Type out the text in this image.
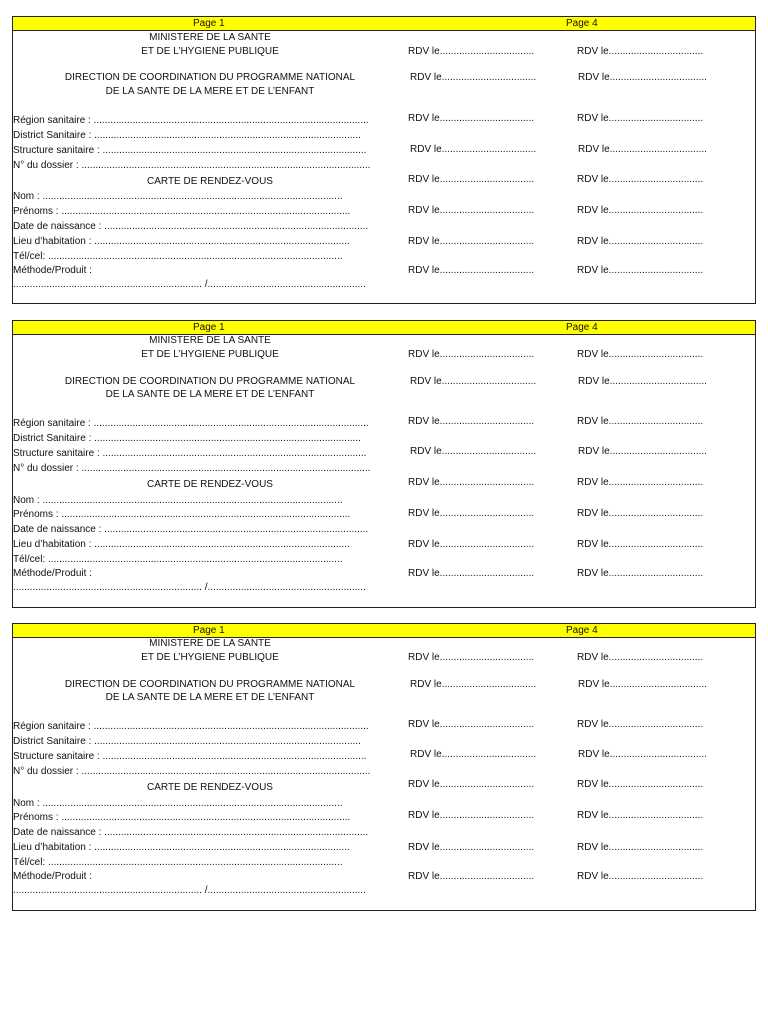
Page 1	Page 4
MINISTERE DE LA SANTE
ET DE L’HYGIENE PUBLIQUE
DIRECTION DE COORDINATION DU PROGRAMME NATIONAL
DE LA SANTE DE LA MERE ET DE L’ENFANT
Région sanitaire : ...................................................................................................
District Sanitaire : ................................................................................................
Structure sanitaire : ...............................................................................................
N° du dossier : ........................................................................................................
CARTE DE RENDEZ-VOUS
Nom : ............................................................................................................
Prénoms : ........................................................................................................
Date de naissance : ...............................................................................................
Lieu d’habitation : ............................................................................................
Tél/cel: ..........................................................................................................
Méthode/Produit :
.................................................................... /.........................................................
RDV le..................................	RDV le..................................
RDV le..................................	RDV le...................................
RDV le..................................	RDV le..................................
RDV le..................................	RDV le...................................
RDV le..................................	RDV le..................................
RDV le..................................	RDV le..................................
RDV le..................................	RDV le..................................
RDV le..................................	RDV le..................................
Page 1	Page 4
MINISTERE DE LA SANTE
ET DE L’HYGIENE PUBLIQUE
DIRECTION DE COORDINATION DU PROGRAMME NATIONAL
DE LA SANTE DE LA MERE ET DE L’ENFANT
Région sanitaire : ...................................................................................................
District Sanitaire : ................................................................................................
Structure sanitaire : ...............................................................................................
N° du dossier : ........................................................................................................
CARTE DE RENDEZ-VOUS
Nom : ............................................................................................................
Prénoms : ........................................................................................................
Date de naissance : ...............................................................................................
Lieu d’habitation : ............................................................................................
Tél/cel: ..........................................................................................................
Méthode/Produit :
.................................................................... /.........................................................
RDV le..................................	RDV le..................................
RDV le..................................	RDV le...................................
RDV le..................................	RDV le..................................
RDV le..................................	RDV le...................................
RDV le..................................	RDV le..................................
RDV le..................................	RDV le..................................
RDV le..................................	RDV le..................................
RDV le..................................	RDV le..................................
Page 1	Page 4
MINISTERE DE LA SANTE
ET DE L’HYGIENE PUBLIQUE
DIRECTION DE COORDINATION DU PROGRAMME NATIONAL
DE LA SANTE DE LA MERE ET DE L’ENFANT
Région sanitaire : ...................................................................................................
District Sanitaire : ................................................................................................
Structure sanitaire : ...............................................................................................
N° du dossier : ........................................................................................................
CARTE DE RENDEZ-VOUS
Nom : ............................................................................................................
Prénoms : ........................................................................................................
Date de naissance : ...............................................................................................
Lieu d’habitation : ............................................................................................
Tél/cel: ..........................................................................................................
Méthode/Produit :
.................................................................... /.........................................................
RDV le..................................	RDV le..................................
RDV le..................................	RDV le...................................
RDV le..................................	RDV le..................................
RDV le..................................	RDV le...................................
RDV le..................................	RDV le..................................
RDV le..................................	RDV le..................................
RDV le..................................	RDV le..................................
RDV le..................................	RDV le..................................
